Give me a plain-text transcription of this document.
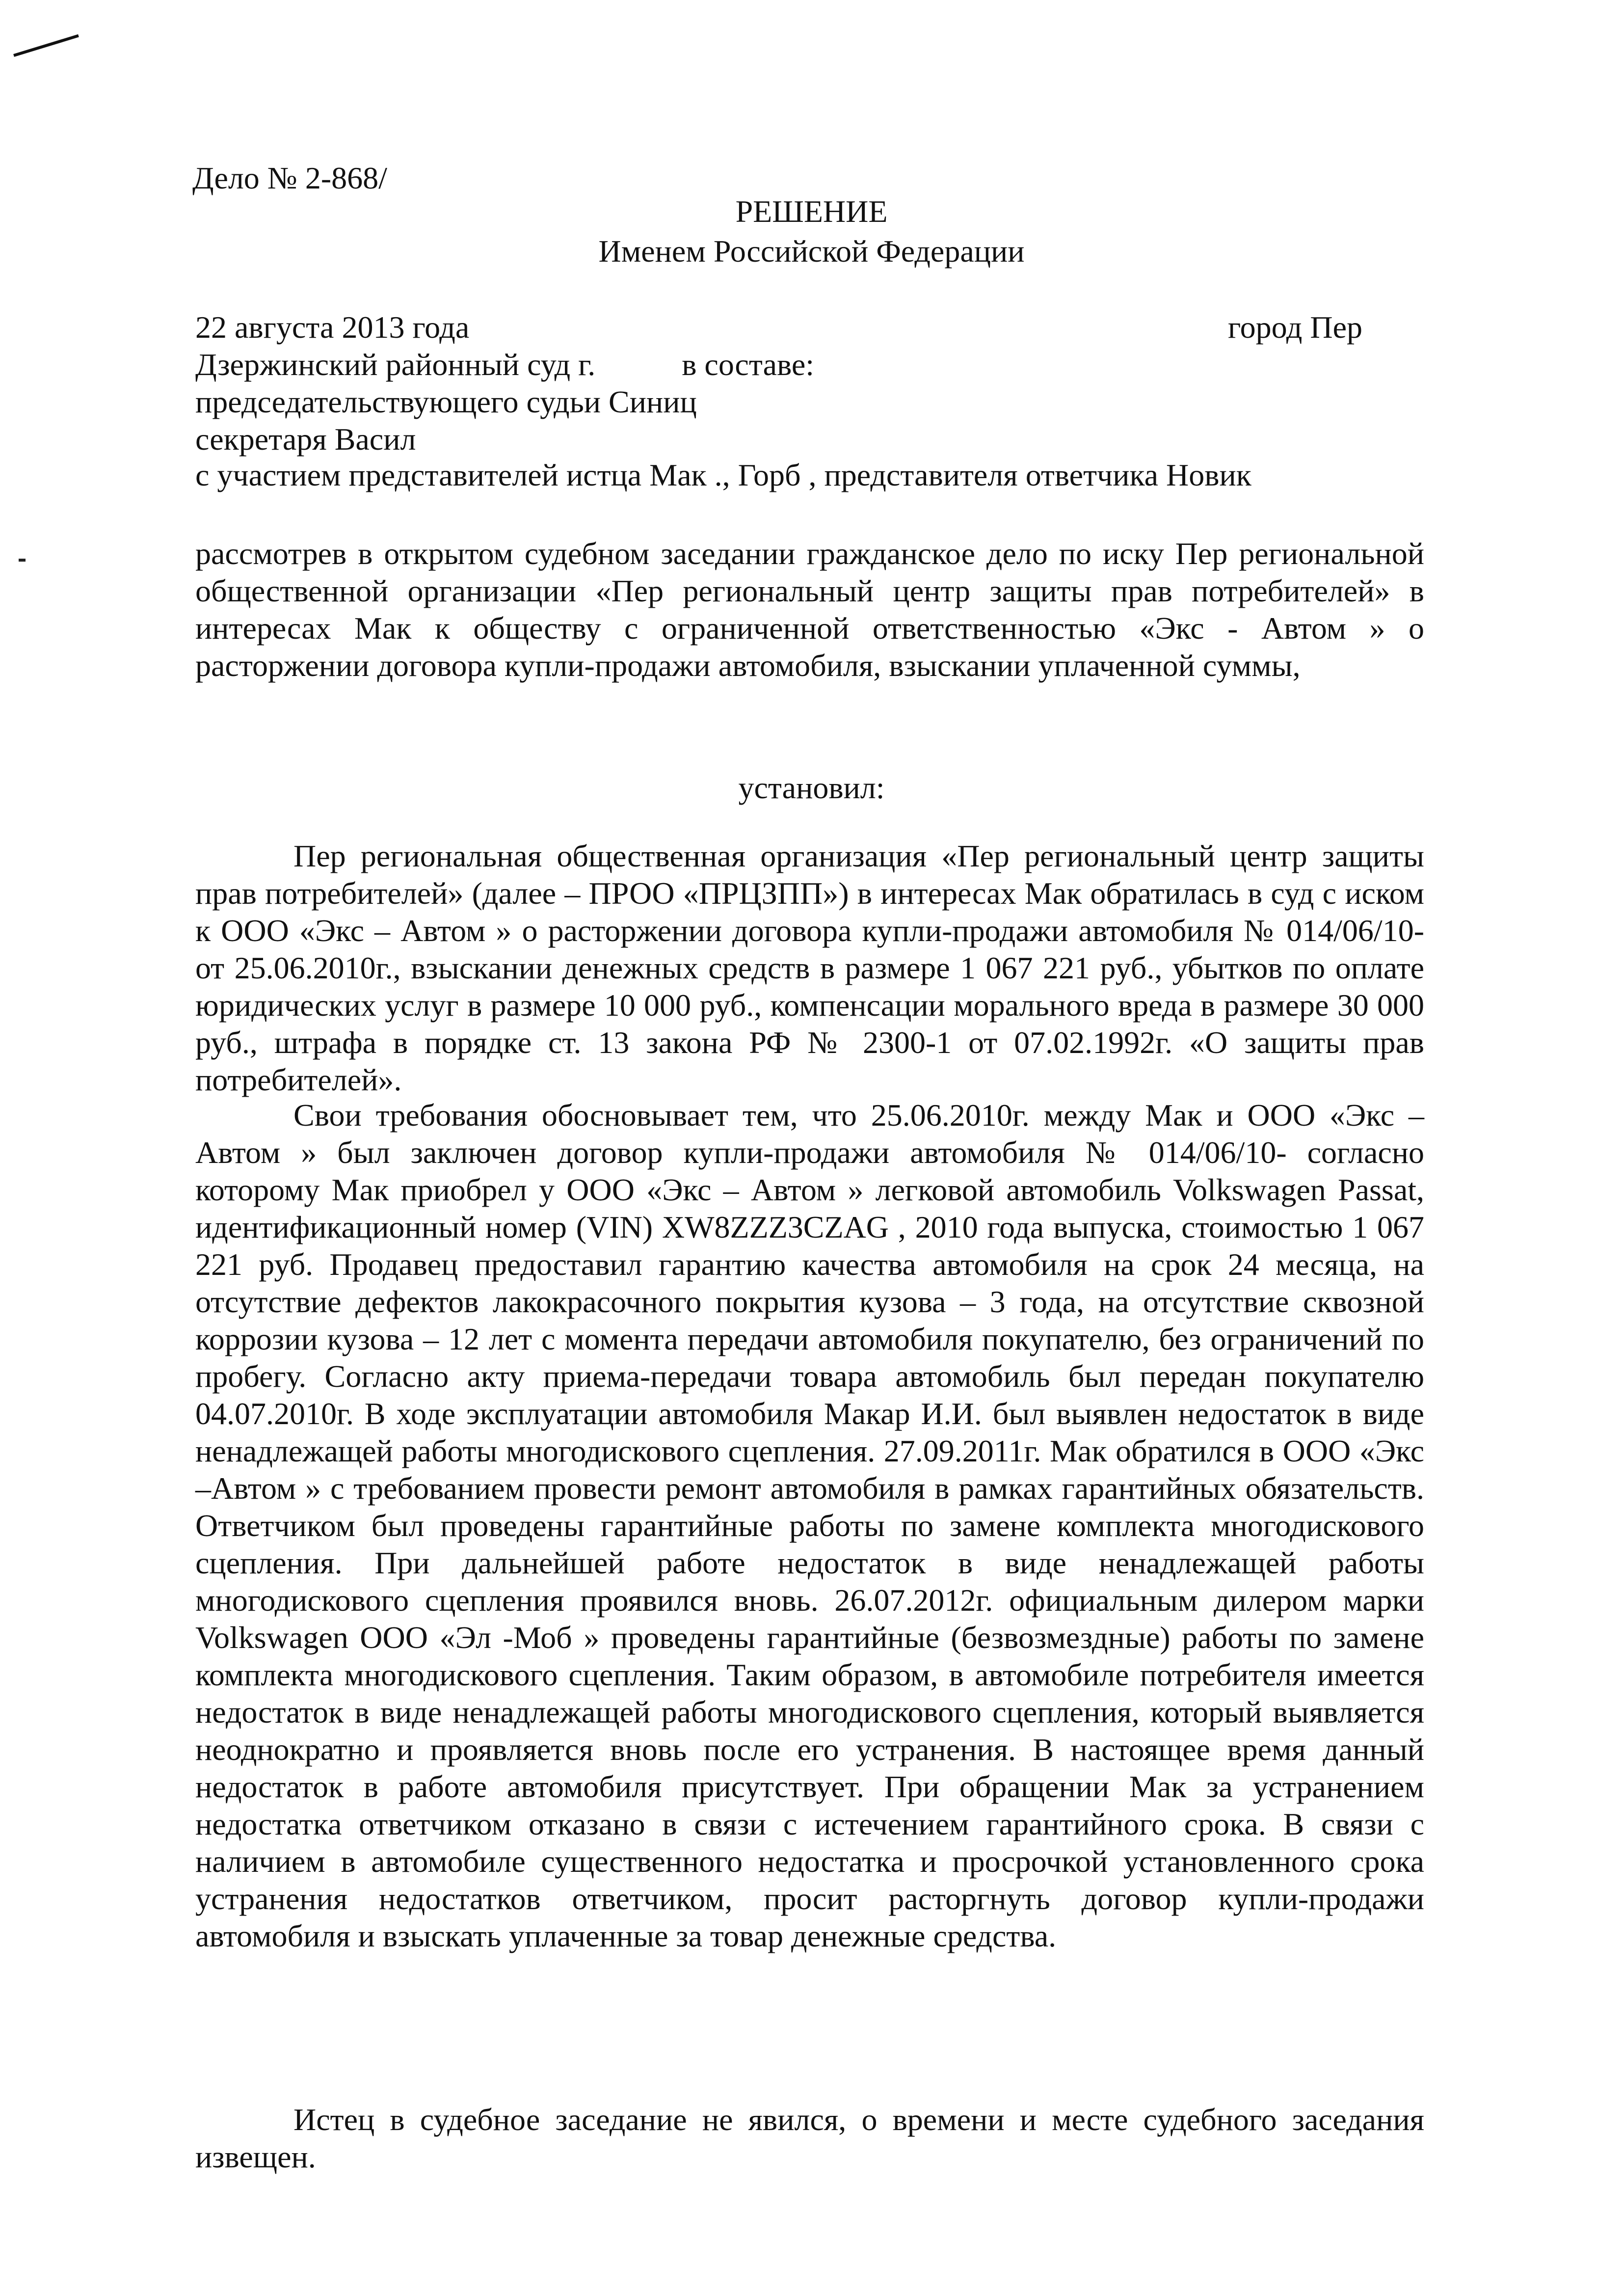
Дело № 2-868/
РЕШЕНИЕ
Именем Российской Федерации
22 августа 2013 года	город Пер
Дзержинский районный суд г.           в составе:
председательствующего судьи Синиц
секретаря Васил
с участием представителей истца Мак ., Горб , представителя ответчика Новик
рассмотрев в открытом судебном заседании гражданское дело по иску Пер региональной общественной организации «Пер региональный центр защиты прав потребителей» в интересах Мак к обществу с ограниченной ответственностью «Экс - Автом » о расторжении договора купли-продажи автомобиля, взыскании уплаченной суммы,
установил:

Пер региональная общественная организация «Пер региональный центр защиты прав потребителей» (далее – ПРОО «ПРЦЗПП») в интересах Мак обратилась в суд с иском к ООО «Экс – Автом » о расторжении договора купли-продажи автомобиля № 014/06/10- от 25.06.2010г., взыскании денежных средств в размере 1 067 221 руб., убытков по оплате юридических услуг в размере 10 000 руб., компенсации морального вреда в размере 30 000 руб., штрафа в порядке ст. 13 закона РФ № 2300-1 от 07.02.1992г. «О защиты прав потребителей».

Свои требования обосновывает тем, что 25.06.2010г. между Мак и ООО «Экс –Автом » был заключен договор купли-продажи автомобиля № 014/06/10- согласно которому Мак приобрел у ООО «Экс – Автом » легковой автомобиль Volkswagen Passat, идентификационный номер (VIN) XW8ZZZ3CZAG , 2010 года выпуска, стоимостью 1 067 221 руб. Продавец предоставил гарантию качества автомобиля на срок 24 месяца, на отсутствие дефектов лакокрасочного покрытия кузова – 3 года, на отсутствие сквозной коррозии кузова – 12 лет с момента передачи автомобиля покупателю, без ограничений по пробегу. Согласно акту приема-передачи товара автомобиль был передан покупателю 04.07.2010г. В ходе эксплуатации автомобиля Макар И.И. был выявлен недостаток в виде ненадлежащей работы многодискового сцепления. 27.09.2011г. Мак обратился в ООО «Экс –Автом » с требованием провести ремонт автомобиля в рамках гарантийных обязательств. Ответчиком был проведены гарантийные работы по замене комплекта многодискового сцепления. При дальнейшей работе недостаток в виде ненадлежащей работы многодискового сцепления проявился вновь. 26.07.2012г. официальным дилером марки Volkswagen ООО «Эл -Моб » проведены гарантийные (безвозмездные) работы по замене комплекта многодискового сцепления. Таким образом, в автомобиле потребителя имеется недостаток в виде ненадлежащей работы многодискового сцепления, который выявляется неоднократно и проявляется вновь после его устранения. В настоящее время данный недостаток в работе автомобиля присутствует. При обращении Мак за устранением недостатка ответчиком отказано в связи с истечением гарантийного срока. В связи с наличием в автомобиле существенного недостатка и просрочкой установленного срока устранения недостатков ответчиком, просит расторгнуть договор купли-продажи автомобиля и взыскать уплаченные за товар денежные средства.

Истец в судебное заседание не явился, о времени и месте судебного заседания извещен.
